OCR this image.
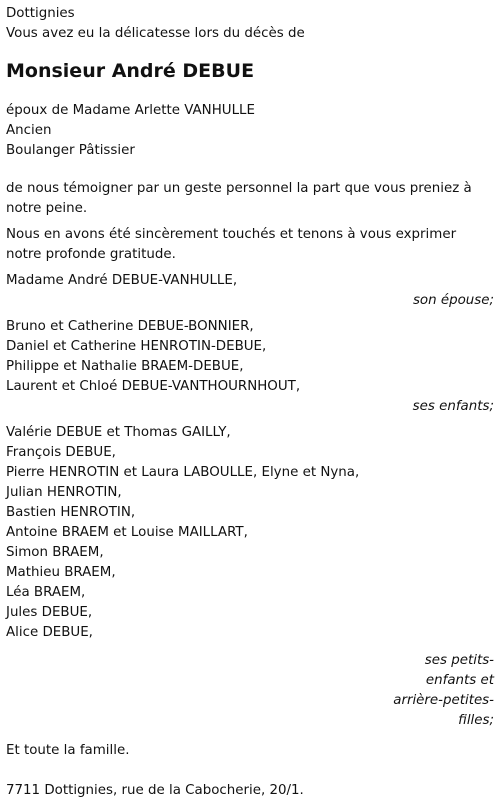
Dottignies
Vous avez eu la délicatesse lors du décès de
Monsieur André DEBUE
époux de Madame Arlette VANHULLE
Ancien
Boulanger Pâtissier
de nous témoigner par un geste personnel la part que vous preniez à notre peine.
Nous en avons été sincèrement touchés et tenons à vous exprimer notre profonde gratitude.
Madame André DEBUE-VANHULLE,
son épouse;
Bruno et Catherine DEBUE-BONNIER,
Daniel et Catherine HENROTIN-DEBUE,
Philippe et Nathalie BRAEM-DEBUE,
Laurent et Chloé DEBUE-VANTHOURNHOUT,
ses enfants;
Valérie DEBUE et Thomas GAILLY,
François DEBUE,
Pierre HENROTIN et Laura LABOULLE, Elyne et Nyna,
Julian HENROTIN,
Bastien HENROTIN,
Antoine BRAEM et Louise MAILLART,
Simon BRAEM,
Mathieu BRAEM,
Léa BRAEM,
Jules DEBUE,
Alice DEBUE,
ses petits-enfants et arrière-petites-filles;
Et toute la famille.
7711 Dottignies, rue de la Cabocherie, 20/1.
